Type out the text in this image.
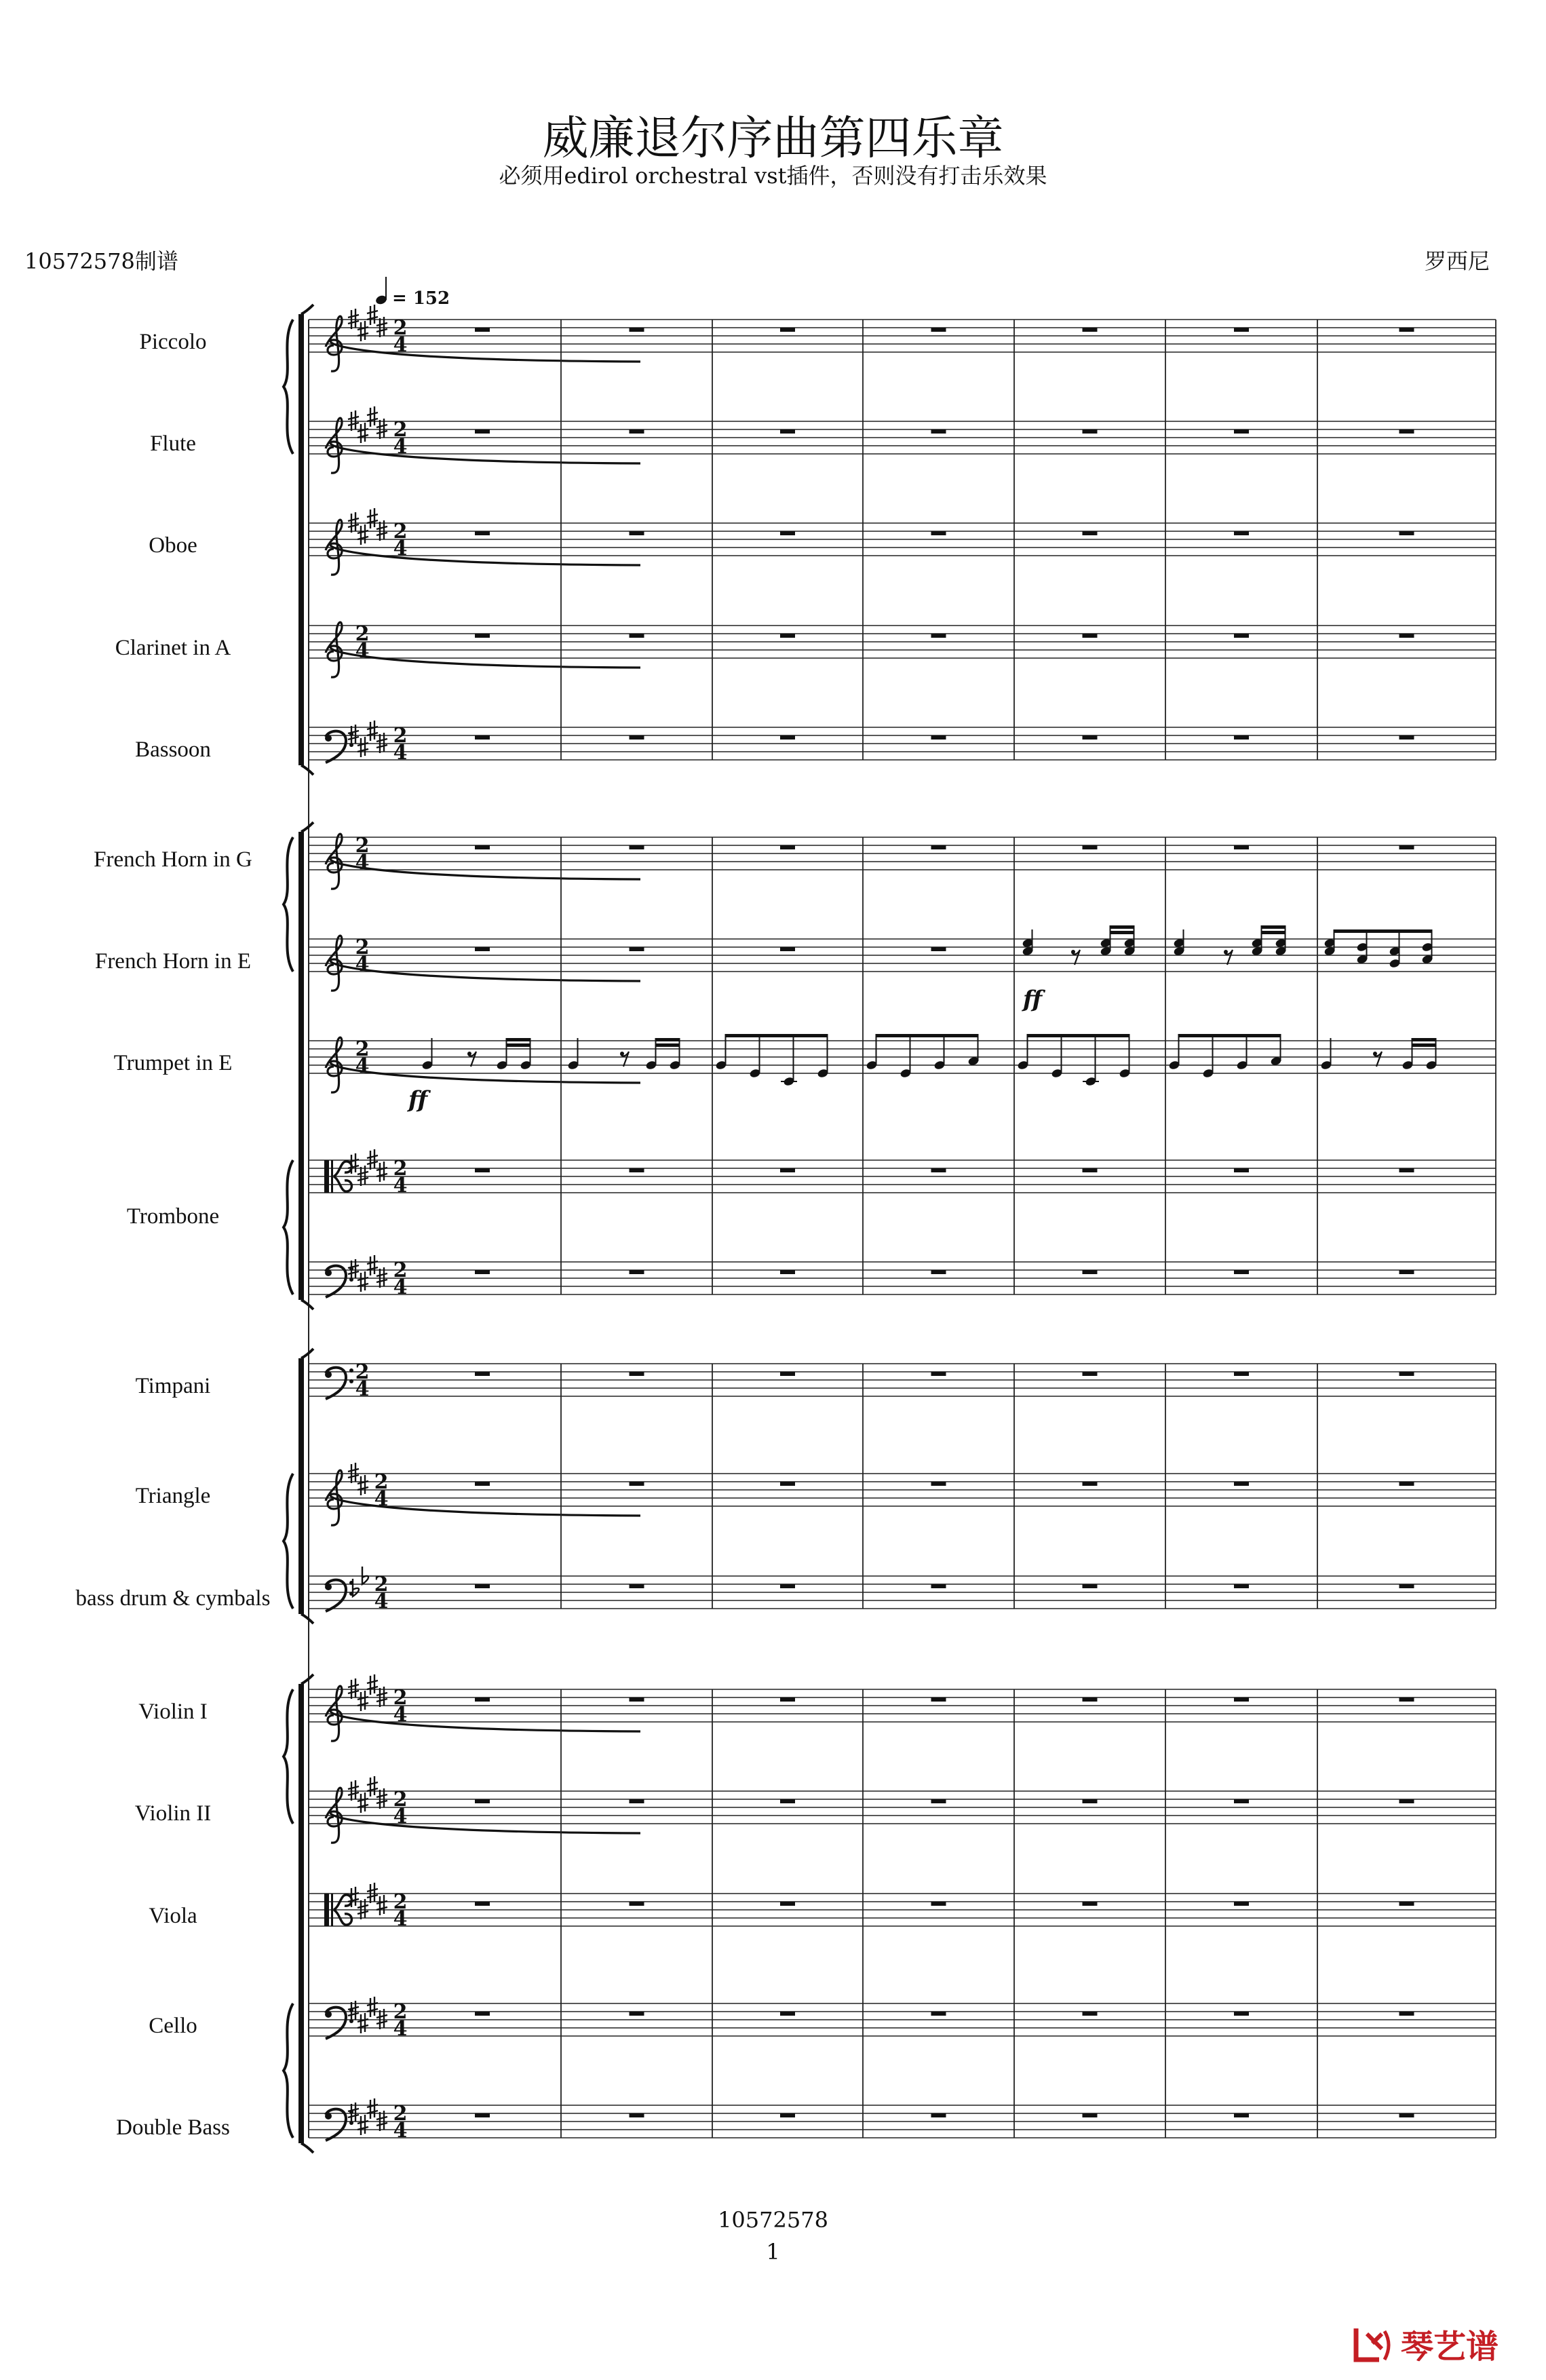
2
4
2
4
2
4
2
4
2
4
2
4
2
4
2
4
2
4
2
4
2
4
2
4
2
4
2
4
2
4
2
4
2
4
2
4
= 152
ff
ff
威廉退尔序曲第四乐章
必须用edirol orchestral vst插件，否则没有打击乐效果
10572578制谱	罗西尼
10572578
1
琴艺谱
Piccolo
Flute
Oboe
Clarinet in A
Bassoon
French Horn in G
French Horn in E
Trumpet in E
Trombone
Timpani
Triangle
bass drum & cymbals
Violin I
Violin II
Viola
Cello
Double Bass
